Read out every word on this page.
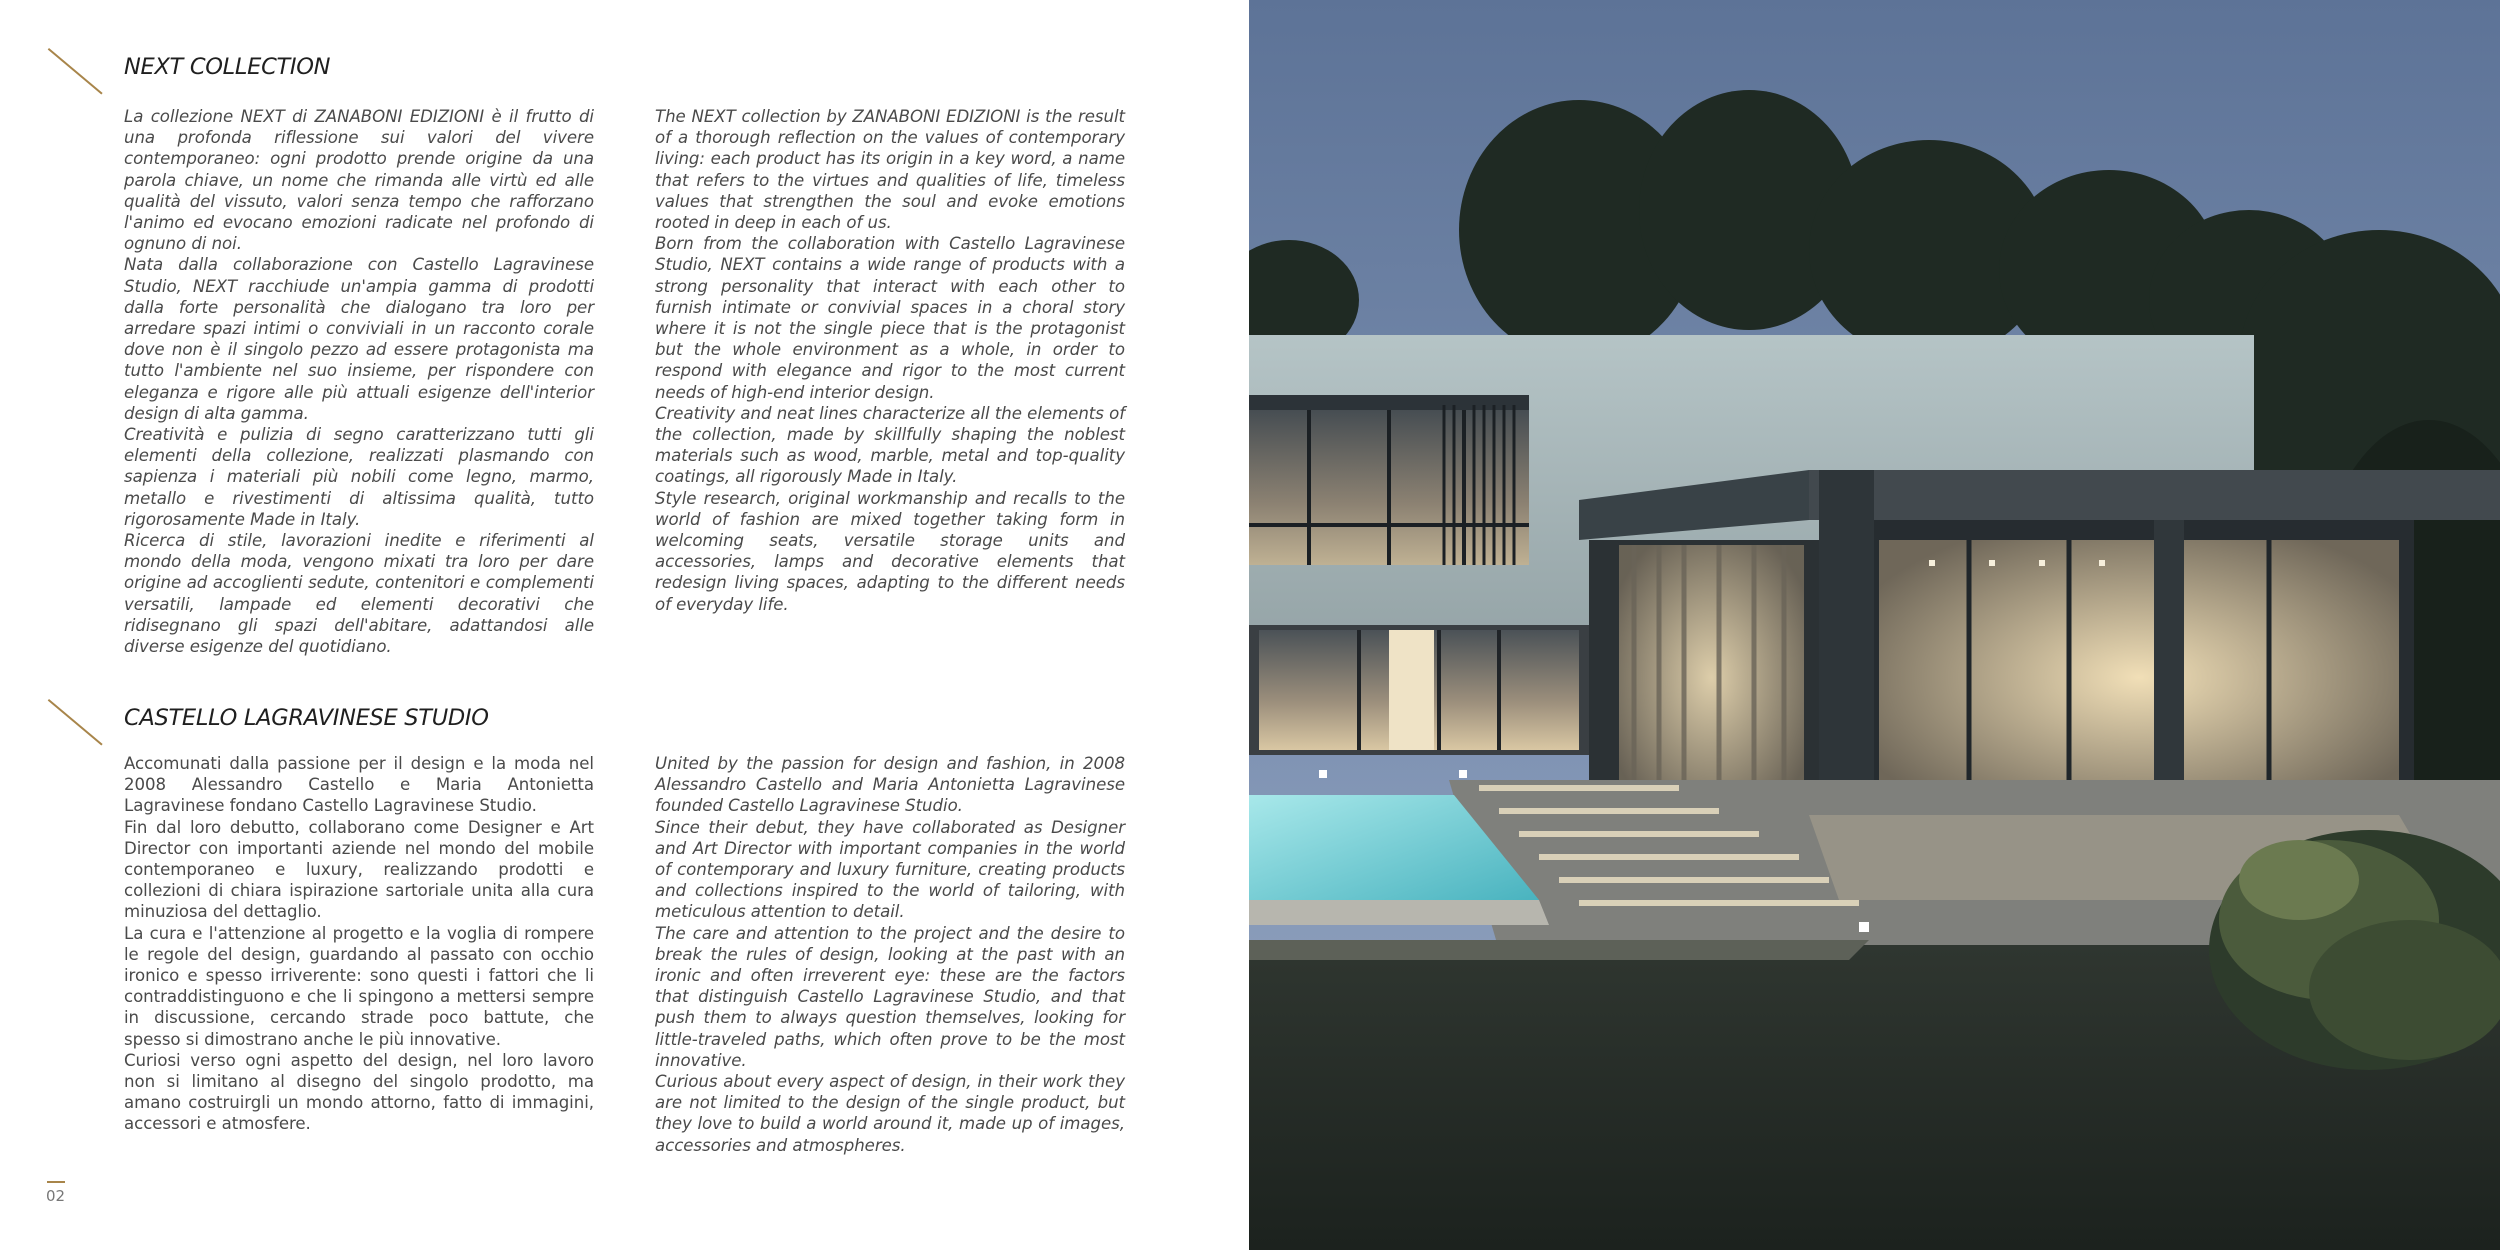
NEXT COLLECTION

La collezione NEXT di ZANABONI EDIZIONI è il frutto di una profonda riflessione sui valori del vivere contemporaneo: ogni prodotto prende origine da una parola chiave, un nome che rimanda alle virtù ed alle qualità del vissuto, valori senza tempo che rafforzano l'animo ed evocano emozioni radicate nel profondo di ognuno di noi.

Nata dalla collaborazione con Castello Lagravinese Studio, NEXT racchiude un'ampia gamma di prodotti dalla forte personalità che dialogano tra loro per arredare spazi intimi o conviviali in un racconto corale dove non è il singolo pezzo ad essere protagonista ma tutto l'ambiente nel suo insieme, per rispondere con eleganza e rigore alle più attuali esigenze dell'interior design di alta gamma.

Creatività e pulizia di segno caratterizzano tutti gli elementi della collezione, realizzati plasmando con sapienza i materiali più nobili come legno, marmo, metallo e rivestimenti di altissima qualità, tutto rigorosamente Made in Italy.

Ricerca di stile, lavorazioni inedite e riferimenti al mondo della moda, vengono mixati tra loro per dare origine ad accoglienti sedute, contenitori e complementi versatili, lampade ed elementi decorativi che ridisegnano gli spazi dell'abitare, adattandosi alle diverse esigenze del quotidiano.

The NEXT collection by ZANABONI EDIZIONI is the result of a thorough reflection on the values of contemporary living: each product has its origin in a key word, a name that refers to the virtues and qualities of life, timeless values that strengthen the soul and evoke emotions rooted in deep in each of us.

Born from the collaboration with Castello Lagravinese Studio, NEXT contains a wide range of products with a strong personality that interact with each other to furnish intimate or convivial spaces in a choral story where it is not the single piece that is the protagonist but the whole environment as a whole, in order to respond with elegance and rigor to the most current needs of high-end interior design.

Creativity and neat lines characterize all the elements of the collection, made by skillfully shaping the noblest materials such as wood, marble, metal and top-quality coatings, all rigorously Made in Italy.

Style research, original workmanship and recalls to the world of fashion are mixed together taking form in welcoming seats, versatile storage units and accessories, lamps and decorative elements that redesign living spaces, adapting to the different needs of everyday life.

CASTELLO LAGRAVINESE STUDIO

Accomunati dalla passione per il design e la moda nel 2008 Alessandro Castello e Maria Antonietta Lagravinese fondano Castello Lagravinese Studio.

Fin dal loro debutto, collaborano come Designer e Art Director con importanti aziende nel mondo del mobile contemporaneo e luxury, realizzando prodotti e collezioni di chiara ispirazione sartoriale unita alla cura minuziosa del dettaglio.

La cura e l'attenzione al progetto e la voglia di rompere le regole del design, guardando al passato con occhio ironico e spesso irriverente: sono questi i fattori che li contraddistinguono e che li spingono a mettersi sempre in discussione, cercando strade poco battute, che spesso si dimostrano anche le più innovative.

Curiosi verso ogni aspetto del design, nel loro lavoro non si limitano al disegno del singolo prodotto, ma amano costruirgli un mondo attorno, fatto di immagini, accessori e atmosfere.

United by the passion for design and fashion, in 2008 Alessandro Castello and Maria Antonietta Lagravinese founded Castello Lagravinese Studio.

Since their debut, they have collaborated as Designer and Art Director with important companies in the world of contemporary and luxury furniture, creating products and collections inspired to the world of tailoring, with meticulous attention to detail.

The care and attention to the project and the desire to break the rules of design, looking at the past with an ironic and often irreverent eye: these are the factors that distinguish Castello Lagravinese Studio, and that push them to always question themselves, looking for little-traveled paths, which often prove to be the most innovative.

Curious about every aspect of design, in their work they are not limited to the design of the single product, but they love to build a world around it, made up of images, accessories and atmospheres.

02
